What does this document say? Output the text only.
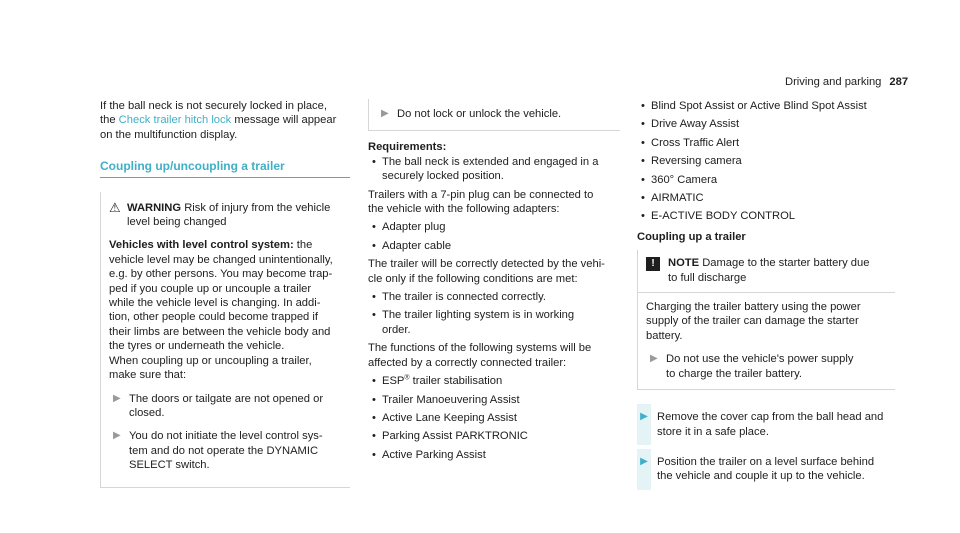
Driving and parking 287

If the ball neck is not securely locked in place,

the Check trailer hitch lock message will appear

on the multifunction display.

Coupling up/uncoupling a trailer
⚠ WARNING Risk of injury from the vehicle level being changed

Vehicles with level control system: the

vehicle level may be changed unintentionally,

e.g. by other persons. You may become trap-

ped if you couple up or uncouple a trailer

while the vehicle level is changing. In addi-

tion, other people could become trapped if

their limbs are between the vehicle body and

the tyres or underneath the vehicle.

When coupling up or uncoupling a trailer,

make sure that:

▶ The doors or tailgate are not opened or

closed.

▶ You do not initiate the level control sys-

tem and do not operate the DYNAMIC

SELECT switch.

▶ Do not lock or unlock the vehicle.

Requirements:

•

The ball neck is extended and engaged in a

securely locked position.

Trailers with a 7-pin plug can be connected to

the vehicle with the following adapters:

•

Adapter plug

•

Adapter cable

The trailer will be correctly detected by the vehi-

cle only if the following conditions are met:

•

The trailer is connected correctly.

•

The trailer lighting system is in working

order.

The functions of the following systems will be

affected by a correctly connected trailer:

•

ESP® trailer stabilisation

•

Trailer Manoeuvering Assist

•

Active Lane Keeping Assist

•

Parking Assist PARKTRONIC

•

Active Parking Assist

•

Blind Spot Assist or Active Blind Spot Assist

•

Drive Away Assist

•

Cross Traffic Alert

•

Reversing camera

•

360° Camera

•

AIRMATIC

•

E-ACTIVE BODY CONTROL

Coupling up a trailer

!	NOTE Damage to the starter battery due

to full discharge

Charging the trailer battery using the power

supply of the trailer can damage the starter

battery.

▶ Do not use the vehicle's power supply

to charge the trailer battery.

▶ Remove the cover cap from the ball head and

store it in a safe place.

▶ Position the trailer on a level surface behind

the vehicle and couple it up to the vehicle.
